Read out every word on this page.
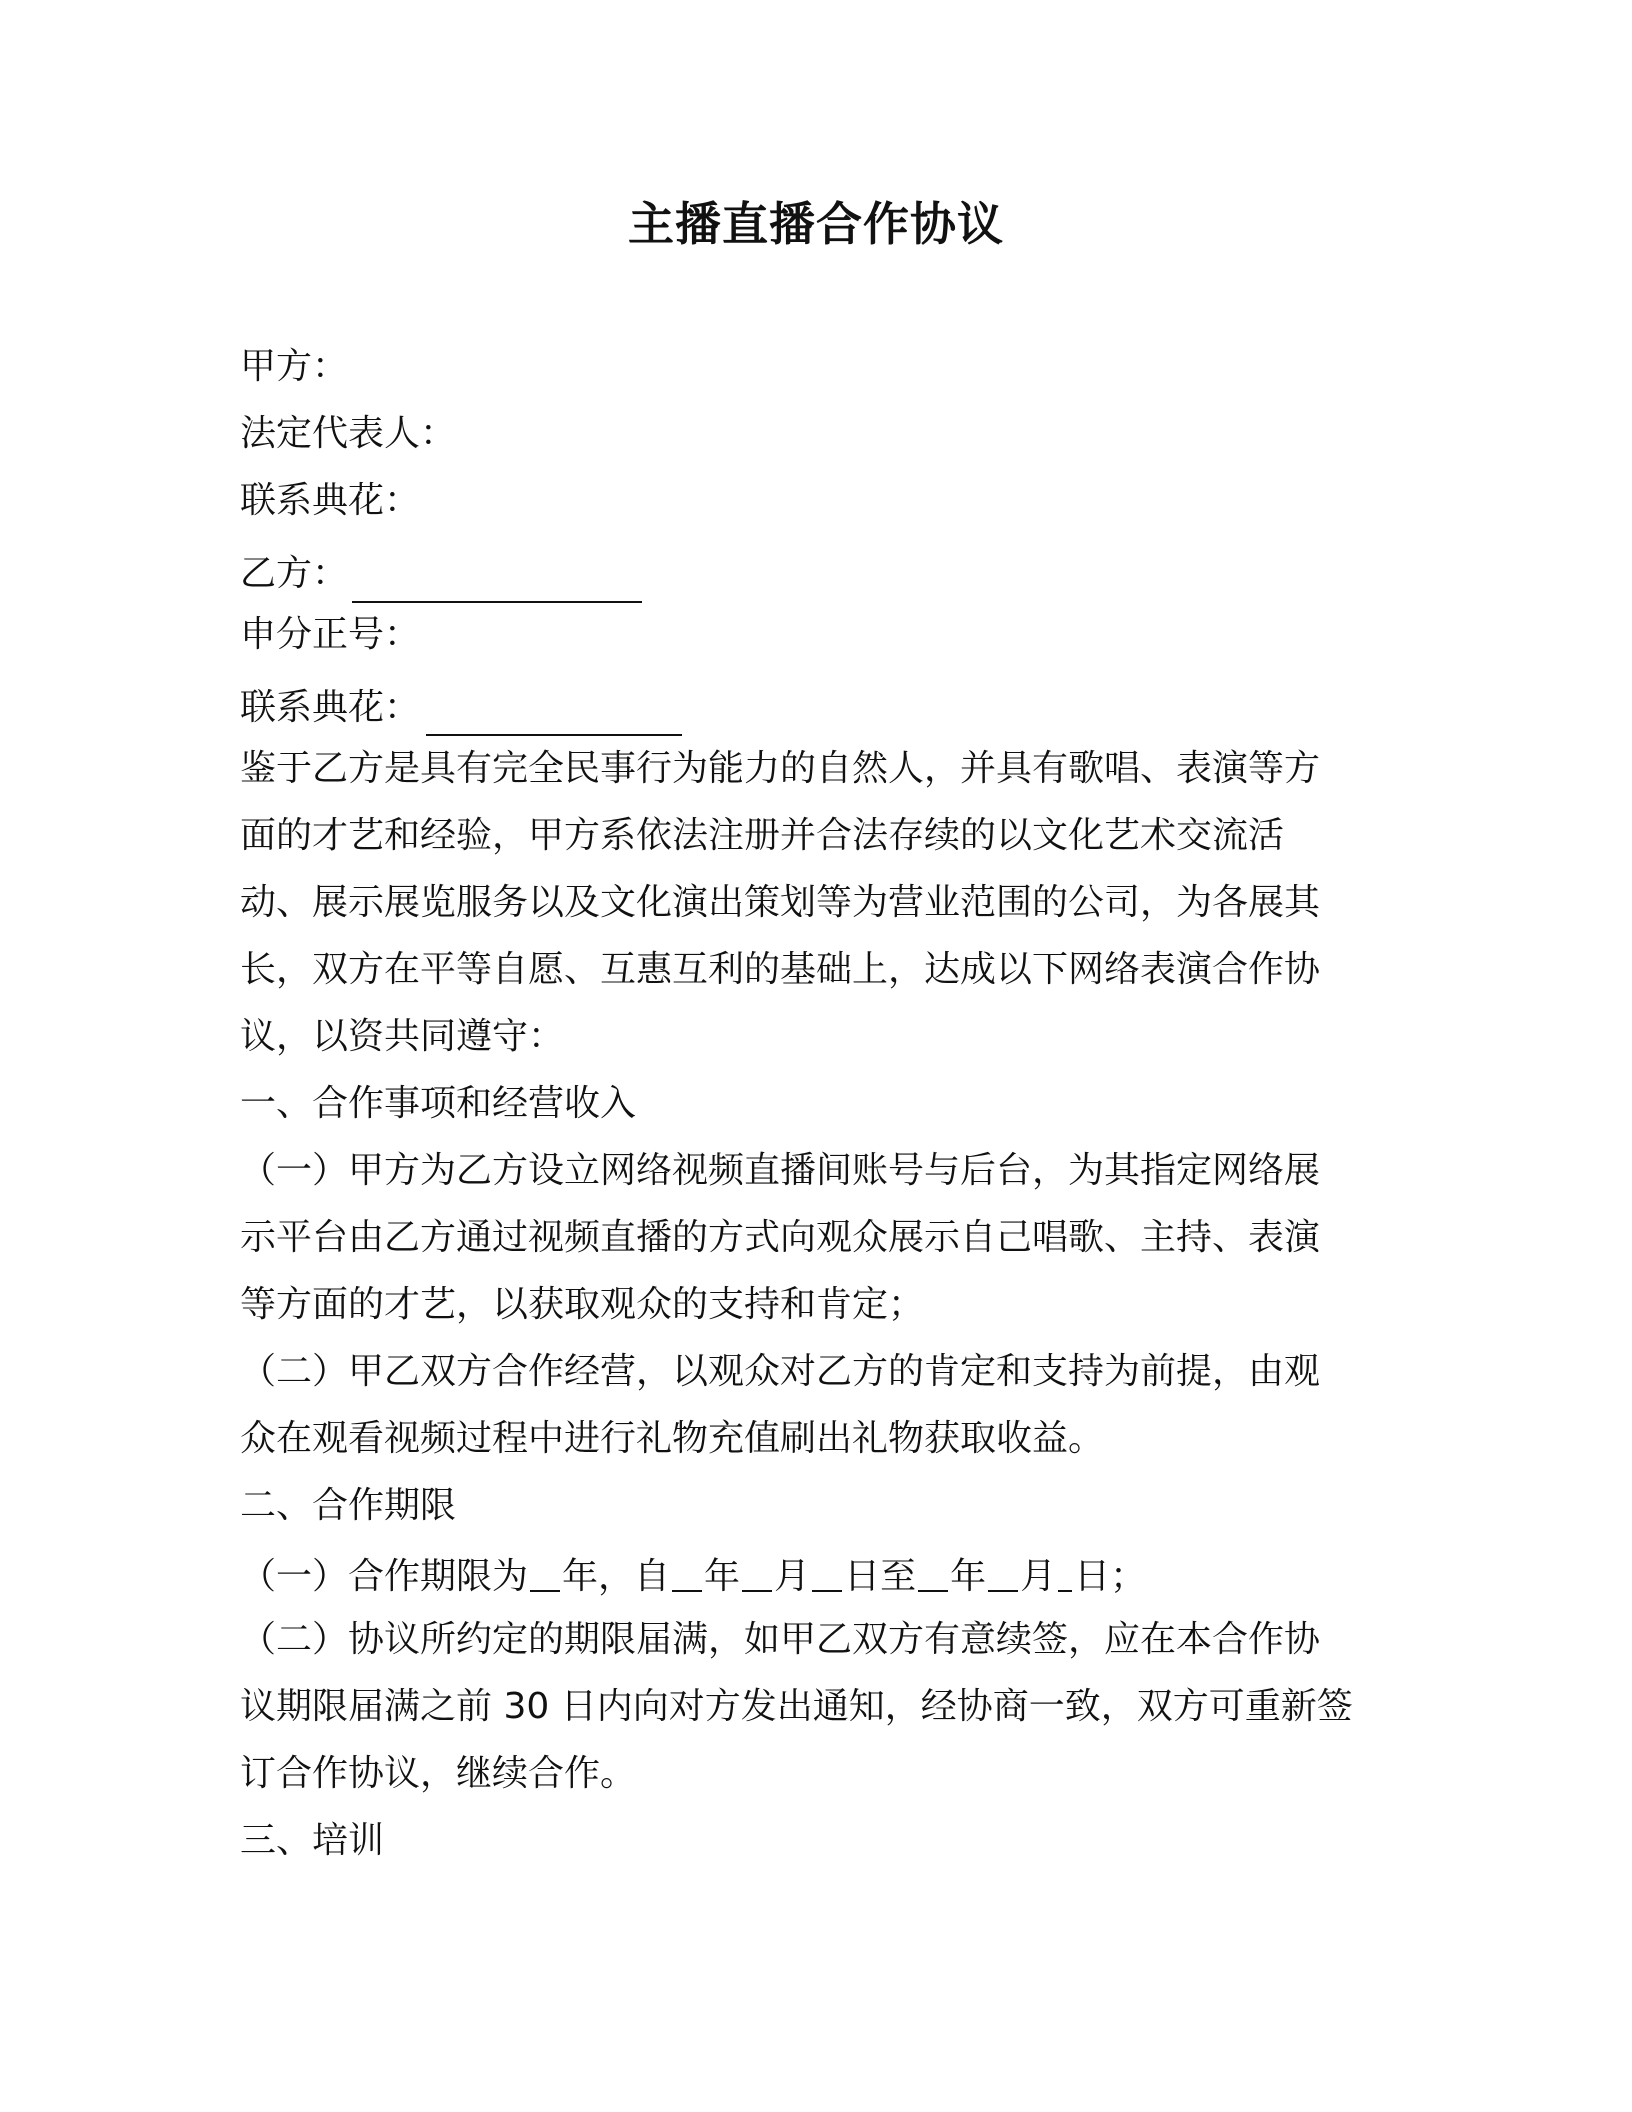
主播直播合作协议
甲方：
法定代表人：
联系典花：
乙方：
申分正号：
联系典花：
鉴于乙方是具有完全民事行为能力的自然人，并具有歌唱、表演等方
面的才艺和经验，甲方系依法注册并合法存续的以文化艺术交流活
动、展示展览服务以及文化演出策划等为营业范围的公司，为各展其
长，双方在平等自愿、互惠互利的基础上，达成以下网络表演合作协
议，以资共同遵守：
一、合作事项和经营收入
（一）甲方为乙方设立网络视频直播间账号与后台，为其指定网络展
示平台由乙方通过视频直播的方式向观众展示自己唱歌、主持、表演
等方面的才艺，以获取观众的支持和肯定；
（二）甲乙双方合作经营，以观众对乙方的肯定和支持为前提，由观
众在观看视频过程中进行礼物充值刷出礼物获取收益。
二、合作期限
（一）合作期限为 年，自 年 月 日至 年 月 日；
（二）协议所约定的期限届满，如甲乙双方有意续签，应在本合作协
议期限届满之前 30 日内向对方发出通知，经协商一致，双方可重新签
订合作协议，继续合作。
三、培训
